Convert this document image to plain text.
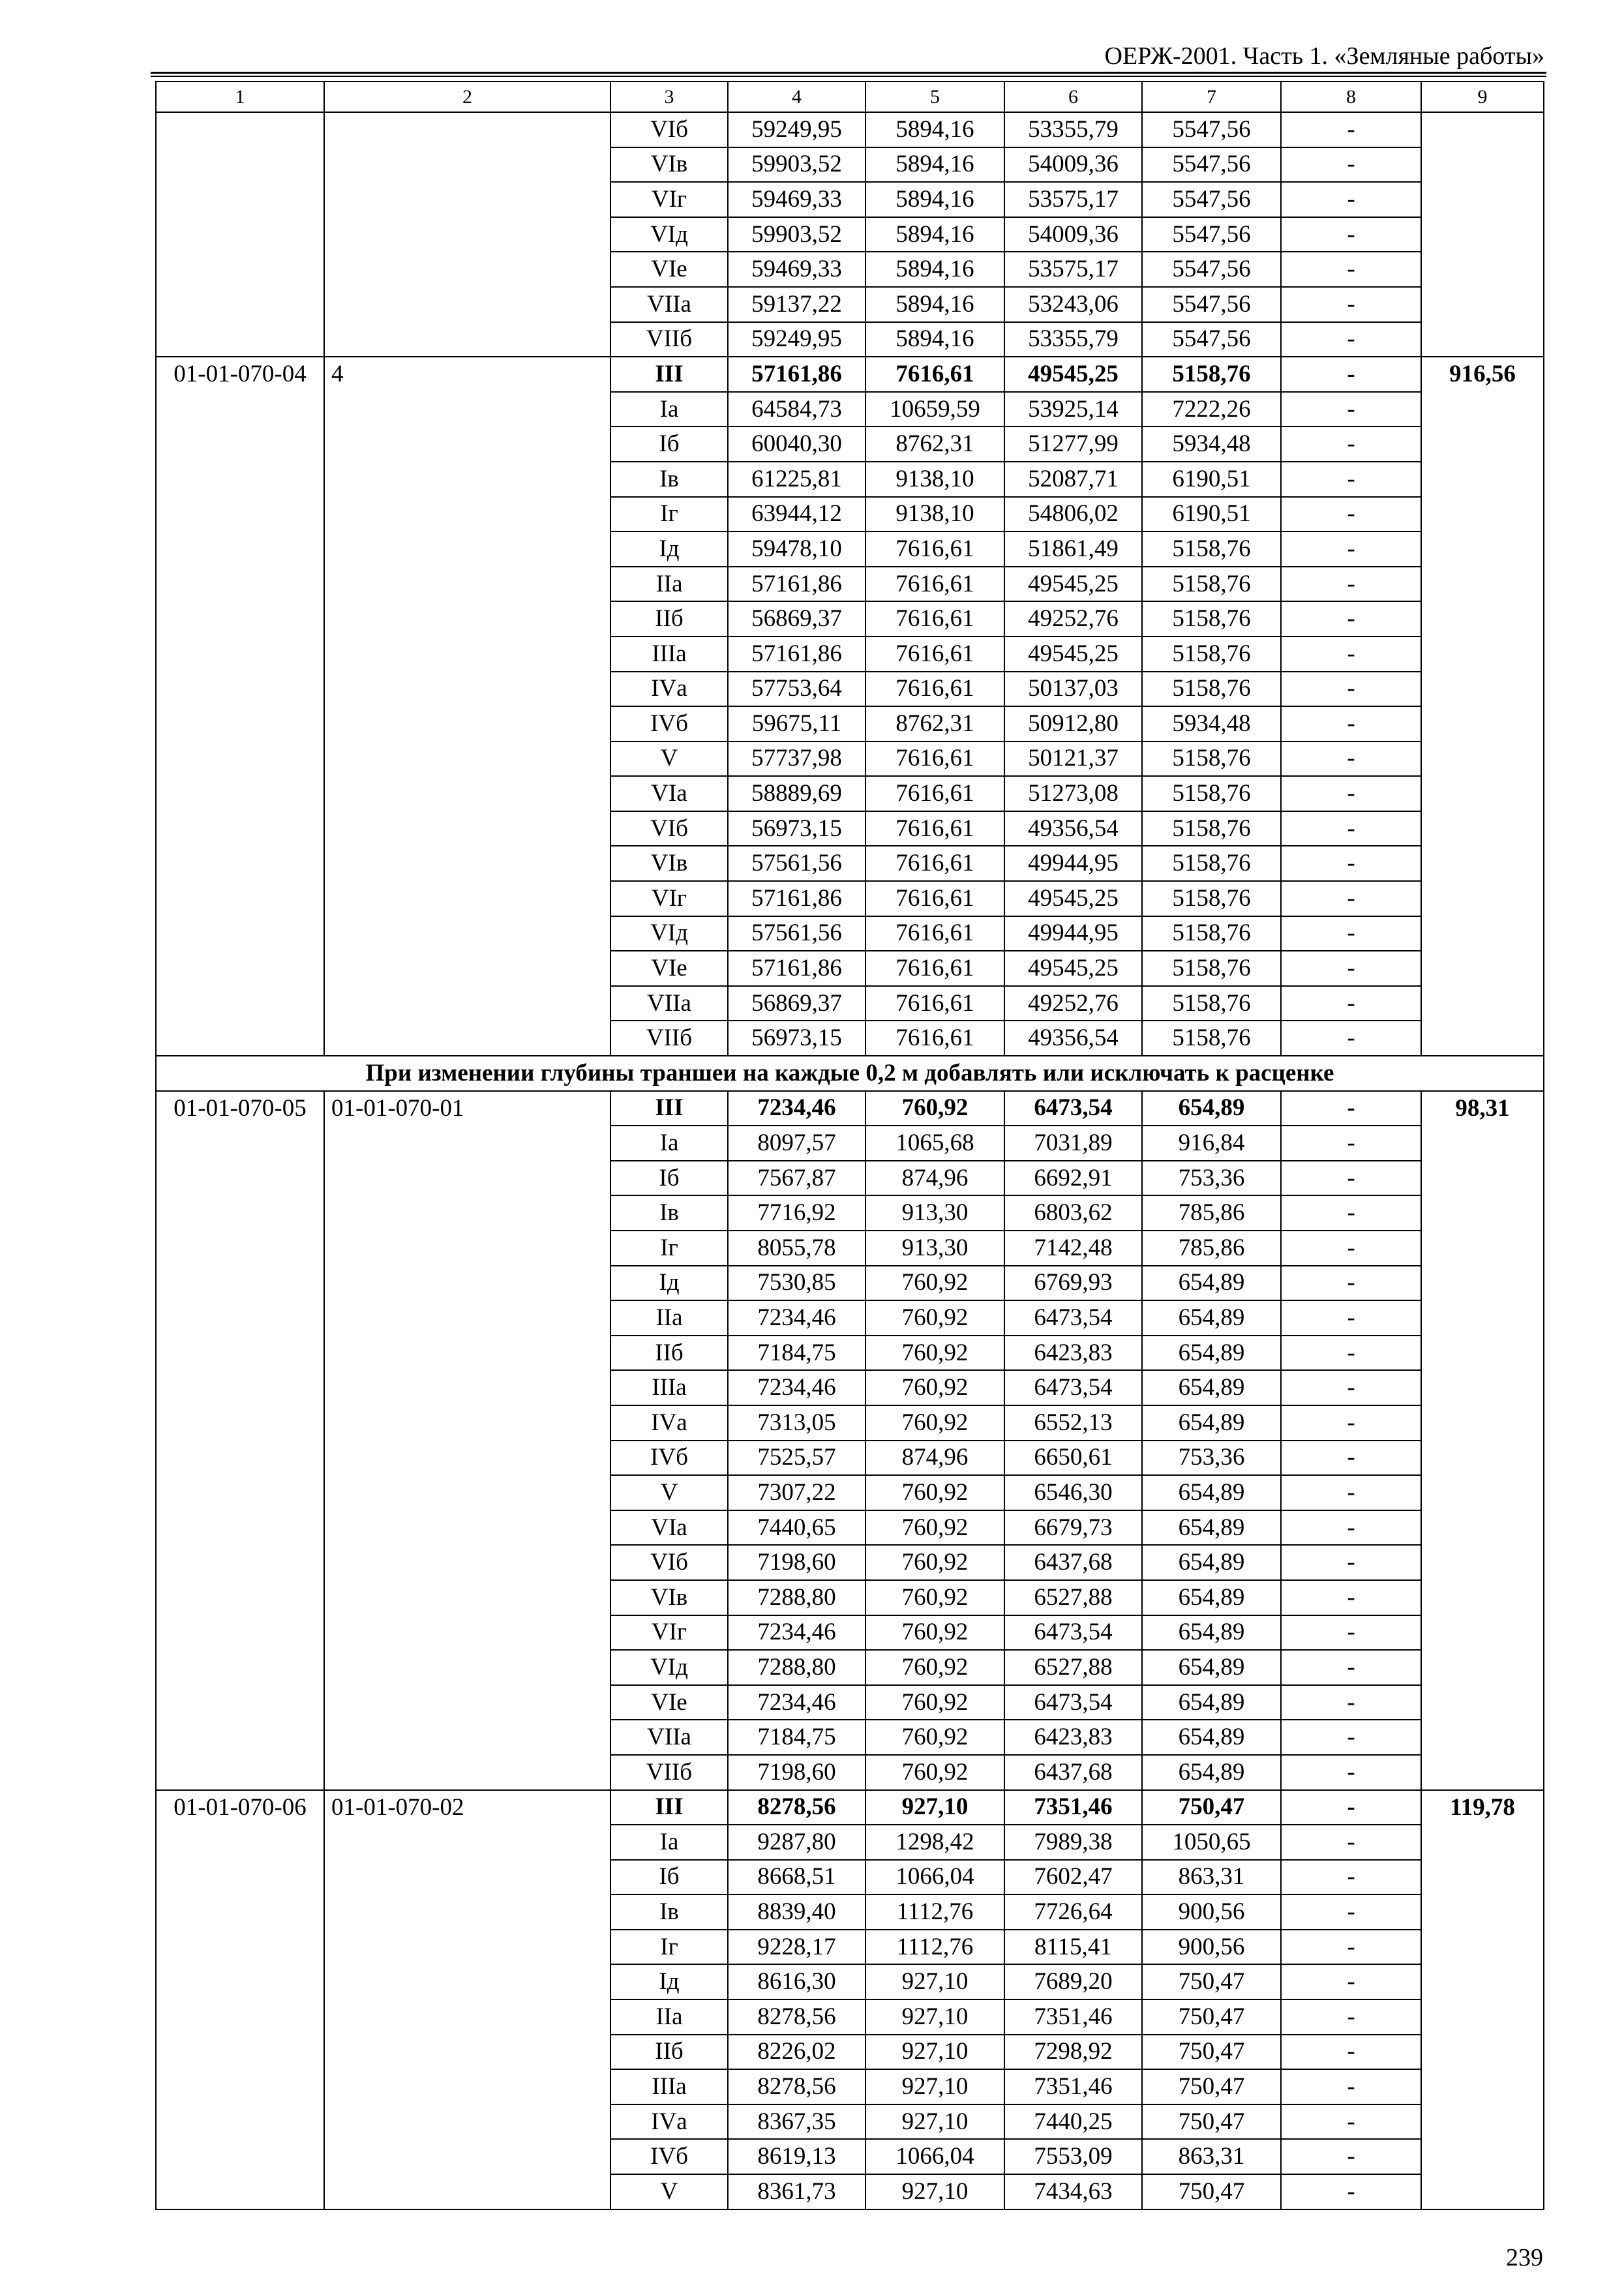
ОЕРЖ-2001. Часть 1. «Земляные работы»
1	2	3	4	5	6	7	8	9
		VIб	59249,95	5894,16	53355,79	5547,56	-	
		VIв	59903,52	5894,16	54009,36	5547,56	-	
		VIг	59469,33	5894,16	53575,17	5547,56	-	
		VIд	59903,52	5894,16	54009,36	5547,56	-	
		VIе	59469,33	5894,16	53575,17	5547,56	-	
		VIIа	59137,22	5894,16	53243,06	5547,56	-	
		VIIб	59249,95	5894,16	53355,79	5547,56	-	
01-01-070-04	4	III	57161,86	7616,61	49545,25	5158,76	-	916,56
		Iа	64584,73	10659,59	53925,14	7222,26	-	
		Iб	60040,30	8762,31	51277,99	5934,48	-	
		Iв	61225,81	9138,10	52087,71	6190,51	-	
		Iг	63944,12	9138,10	54806,02	6190,51	-	
		Iд	59478,10	7616,61	51861,49	5158,76	-	
		IIа	57161,86	7616,61	49545,25	5158,76	-	
		IIб	56869,37	7616,61	49252,76	5158,76	-	
		IIIа	57161,86	7616,61	49545,25	5158,76	-	
		IVа	57753,64	7616,61	50137,03	5158,76	-	
		IVб	59675,11	8762,31	50912,80	5934,48	-	
		V	57737,98	7616,61	50121,37	5158,76	-	
		VIа	58889,69	7616,61	51273,08	5158,76	-	
		VIб	56973,15	7616,61	49356,54	5158,76	-	
		VIв	57561,56	7616,61	49944,95	5158,76	-	
		VIг	57161,86	7616,61	49545,25	5158,76	-	
		VIд	57561,56	7616,61	49944,95	5158,76	-	
		VIе	57161,86	7616,61	49545,25	5158,76	-	
		VIIа	56869,37	7616,61	49252,76	5158,76	-	
		VIIб	56973,15	7616,61	49356,54	5158,76	-	
При изменении глубины траншеи на каждые 0,2 м добавлять или исключать к расценке								
01-01-070-05	01-01-070-01	III	7234,46	760,92	6473,54	654,89	-	98,31
		Iа	8097,57	1065,68	7031,89	916,84	-	
		Iб	7567,87	874,96	6692,91	753,36	-	
		Iв	7716,92	913,30	6803,62	785,86	-	
		Iг	8055,78	913,30	7142,48	785,86	-	
		Iд	7530,85	760,92	6769,93	654,89	-	
		IIа	7234,46	760,92	6473,54	654,89	-	
		IIб	7184,75	760,92	6423,83	654,89	-	
		IIIа	7234,46	760,92	6473,54	654,89	-	
		IVа	7313,05	760,92	6552,13	654,89	-	
		IVб	7525,57	874,96	6650,61	753,36	-	
		V	7307,22	760,92	6546,30	654,89	-	
		VIа	7440,65	760,92	6679,73	654,89	-	
		VIб	7198,60	760,92	6437,68	654,89	-	
		VIв	7288,80	760,92	6527,88	654,89	-	
		VIг	7234,46	760,92	6473,54	654,89	-	
		VIд	7288,80	760,92	6527,88	654,89	-	
		VIе	7234,46	760,92	6473,54	654,89	-	
		VIIа	7184,75	760,92	6423,83	654,89	-	
		VIIб	7198,60	760,92	6437,68	654,89	-	
01-01-070-06	01-01-070-02	III	8278,56	927,10	7351,46	750,47	-	119,78
		Iа	9287,80	1298,42	7989,38	1050,65	-	
		Iб	8668,51	1066,04	7602,47	863,31	-	
		Iв	8839,40	1112,76	7726,64	900,56	-	
		Iг	9228,17	1112,76	8115,41	900,56	-	
		Iд	8616,30	927,10	7689,20	750,47	-	
		IIа	8278,56	927,10	7351,46	750,47	-	
		IIб	8226,02	927,10	7298,92	750,47	-	
		IIIа	8278,56	927,10	7351,46	750,47	-	
		IVа	8367,35	927,10	7440,25	750,47	-	
		IVб	8619,13	1066,04	7553,09	863,31	-	
		V	8361,73	927,10	7434,63	750,47	-	
239
